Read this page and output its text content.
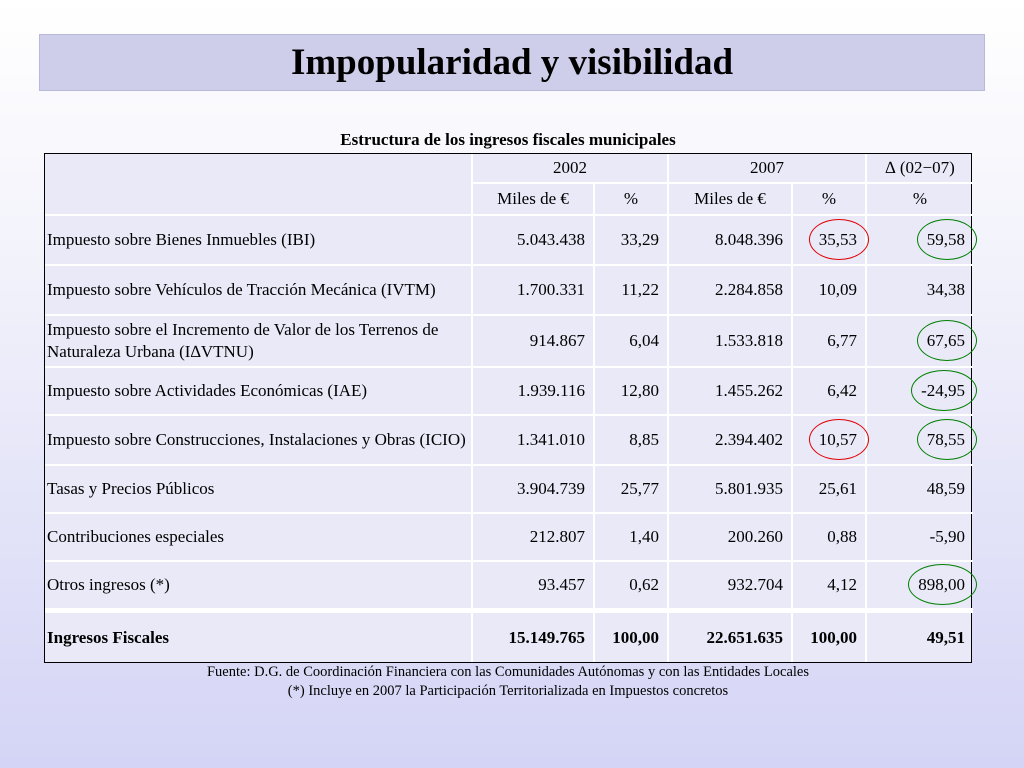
Impopularidad y visibilidad
Estructura de los ingresos fiscales municipales
	2002		2007		∆ (02−07)
	Miles de €	%	Miles de €	%	%
Impuesto sobre Bienes Inmuebles (IBI)	5.043.438	33,29	8.048.396	35,53	59,58
Impuesto sobre Vehículos de Tracción Mecánica (IVTM)	1.700.331	11,22	2.284.858	10,09	34,38
Impuesto sobre el Incremento de Valor de los Terrenos de Naturaleza Urbana (I∆VTNU)	914.867	6,04	1.533.818	6,77	67,65
Impuesto sobre Actividades Económicas (IAE)	1.939.116	12,80	1.455.262	6,42	-24,95
Impuesto sobre Construcciones, Instalaciones y Obras (ICIO)	1.341.010	8,85	2.394.402	10,57	78,55
Tasas y Precios Públicos	3.904.739	25,77	5.801.935	25,61	48,59
Contribuciones especiales	212.807	1,40	200.260	0,88	-5,90
Otros ingresos (*)	93.457	0,62	932.704	4,12	898,00
Ingresos Fiscales	15.149.765	100,00	22.651.635	100,00	49,51
Fuente: D.G. de Coordinación Financiera con las Comunidades Autónomas y con las Entidades Locales
(*) Incluye en 2007 la Participación Territorializada en Impuestos concretos
